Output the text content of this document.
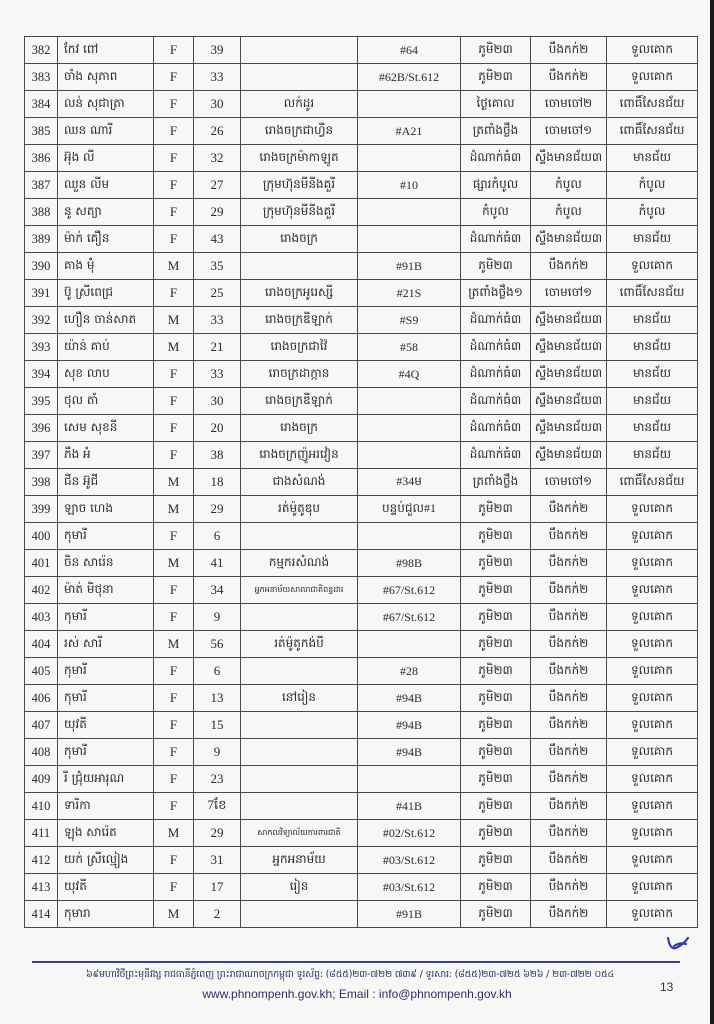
382	កែវ ពៅ	F	39		#64	ភូមិ២៣	បឹងកក់២	ទួលគោក
383	ចាំង សុភាព	F	33		#62B/St.612	ភូមិ២៣	បឹងកក់២	ទួលគោក
384	លន់ សុជាត្រា	F	30	លក់ដូរ		ថ្ងៃគោល	ចោមចៅ២	ពោធិ៍សែនជ័យ
385	ឈន ណារី	F	26	រោងចក្រជាហ្វីន	#A21	ត្រពាំងថ្លឹង	ចោមចៅ១	ពោធិ៍សែនជ័យ
386	អ៊ុង លី	F	32	រោងចក្រម៉ាកាឡូត		ដំណាក់ធំ៣	ស្ទឹងមានជ័យ៣	មានជ័យ
387	ឈួន លីម	F	27	ក្រុមហ៊ុនមីនីងគួរី	#10	ផ្សារកំបូល	កំបូល	កំបូល
388	នូ សត្យា	F	29	ក្រុមហ៊ុនមីនីងគួរី		កំបូល	កំបូល	កំបូល
389	ម៉ាក់ គឿន	F	43	រោងចក្រ		ដំណាក់ធំ៣	ស្ទឹងមានជ័យ៣	មានជ័យ
390	គាង ម៉ុំ	M	35		#91B	ភូមិ២៣	បឹងកក់២	ទួលគោក
391	ប៊ូ ស្រីពេជ្រ	F	25	រោងចក្រអូរេស្សី	#21S	ត្រពាំងថ្លឹង១	ចោមចៅ១	ពោធិ៍សែនជ័យ
392	ហឿន ចាន់សាត	M	33	រោងចក្រឌីឡាក់	#S9	ដំណាក់ធំ៣	ស្ទឹងមានជ័យ៣	មានជ័យ
393	យ៉ាន់ គាប់	M	21	រោងចក្រជាវ៉ៃ	#58	ដំណាក់ធំ៣	ស្ទឹងមានជ័យ៣	មានជ័យ
394	សុខ លាប	F	33	រោចក្រដាក្កាន	#4Q	ដំណាក់ធំ៣	ស្ទឹងមានជ័យ៣	មានជ័យ
395	ថុល តាំ	F	30	រោងចក្រឌីឡាក់		ដំណាក់ធំ៣	ស្ទឹងមានជ័យ៣	មានជ័យ
396	សេម សុខនី	F	20	រោងចក្រ		ដំណាក់ធំ៣	ស្ទឹងមានជ័យ៣	មានជ័យ
397	ភឹង អំ	F	38	រោងចក្រញ៉ូអរវៀន		ដំណាក់ធំ៣	ស្ទឹងមានជ័យ៣	មានជ័យ
398	ជីន អ៊ូជី	M	18	ជាងសំណង់	#34ម	ត្រពាំងថ្លឹង	ចោមចៅ១	ពោធិ៍សែនជ័យ
399	ឡាច ហេង	M	29	រត់ម៉ូតូឌុប	បន្ទប់ជួល#1	ភូមិ២៣	បឹងកក់២	ទួលគោក
400	កុមារី	F	6			ភូមិ២៣	បឹងកក់២	ទួលគោក
401	ចិន សារ៉េន	M	41	កម្មករសំណង់	#98B	ភូមិ២៣	បឹងកក់២	ទួលគោក
402	ម៉ាត់ មិថុនា	F	34	អ្នកអនាម័យសាលាជាតិពន្ធដារ	#67/St.612	ភូមិ២៣	បឹងកក់២	ទួលគោក
403	កុមារី	F	9		#67/St.612	ភូមិ២៣	បឹងកក់២	ទួលគោក
404	រស់ សារី	M	56	រត់ម៉ូតូកង់បី		ភូមិ២៣	បឹងកក់២	ទួលគោក
405	កុមារី	F	6		#28	ភូមិ២៣	បឹងកក់២	ទួលគោក
406	កុមារី	F	13	នៅរៀន	#94B	ភូមិ២៣	បឹងកក់២	ទួលគោក
407	យុវតី	F	15		#94B	ភូមិ២៣	បឹងកក់២	ទួលគោក
408	កុមារី	F	9		#94B	ភូមិ២៣	បឹងកក់២	ទួលគោក
409	រី ជ្រុំយអារុណ	F	23			ភូមិ២៣	បឹងកក់២	ទួលគោក
410	ទារិកា	F	7ខែ		#41B	ភូមិ២៣	បឹងកក់២	ទួលគោក
411	ឡុង សារ៉េត	M	29	សាកលវិទ្យាល័យការពារជាតិ	#02/St.612	ភូមិ២៣	បឹងកក់២	ទួលគោក
412	យក់ ស្រីល្មៀង	F	31	អ្នកអនាម័យ	#03/St.612	ភូមិ២៣	បឹងកក់២	ទួលគោក
413	យុវតី	F	17	រៀន	#03/St.612	ភូមិ២៣	បឹងកក់២	ទួលគោក
414	កុមារា	M	2		#91B	ភូមិ២៣	បឹងកក់២	ទួលគោក
៦៩មហាវិថីព្រះមុនីវង្ស រាជធានីភ្នំពេញ ព្រះរាជាណាចក្រកម្ពុជា ទូរស័ព្ទ: (៨៥៥)២៣-៧២២ ៧៣៩ / ទូរសារ: (៨៥៥)២៣-៧២៥ ៦២៦ / ២៣-៧២២ ០៥៤
www.phnompenh.gov.kh; Email : info@phnompenh.gov.kh	13
